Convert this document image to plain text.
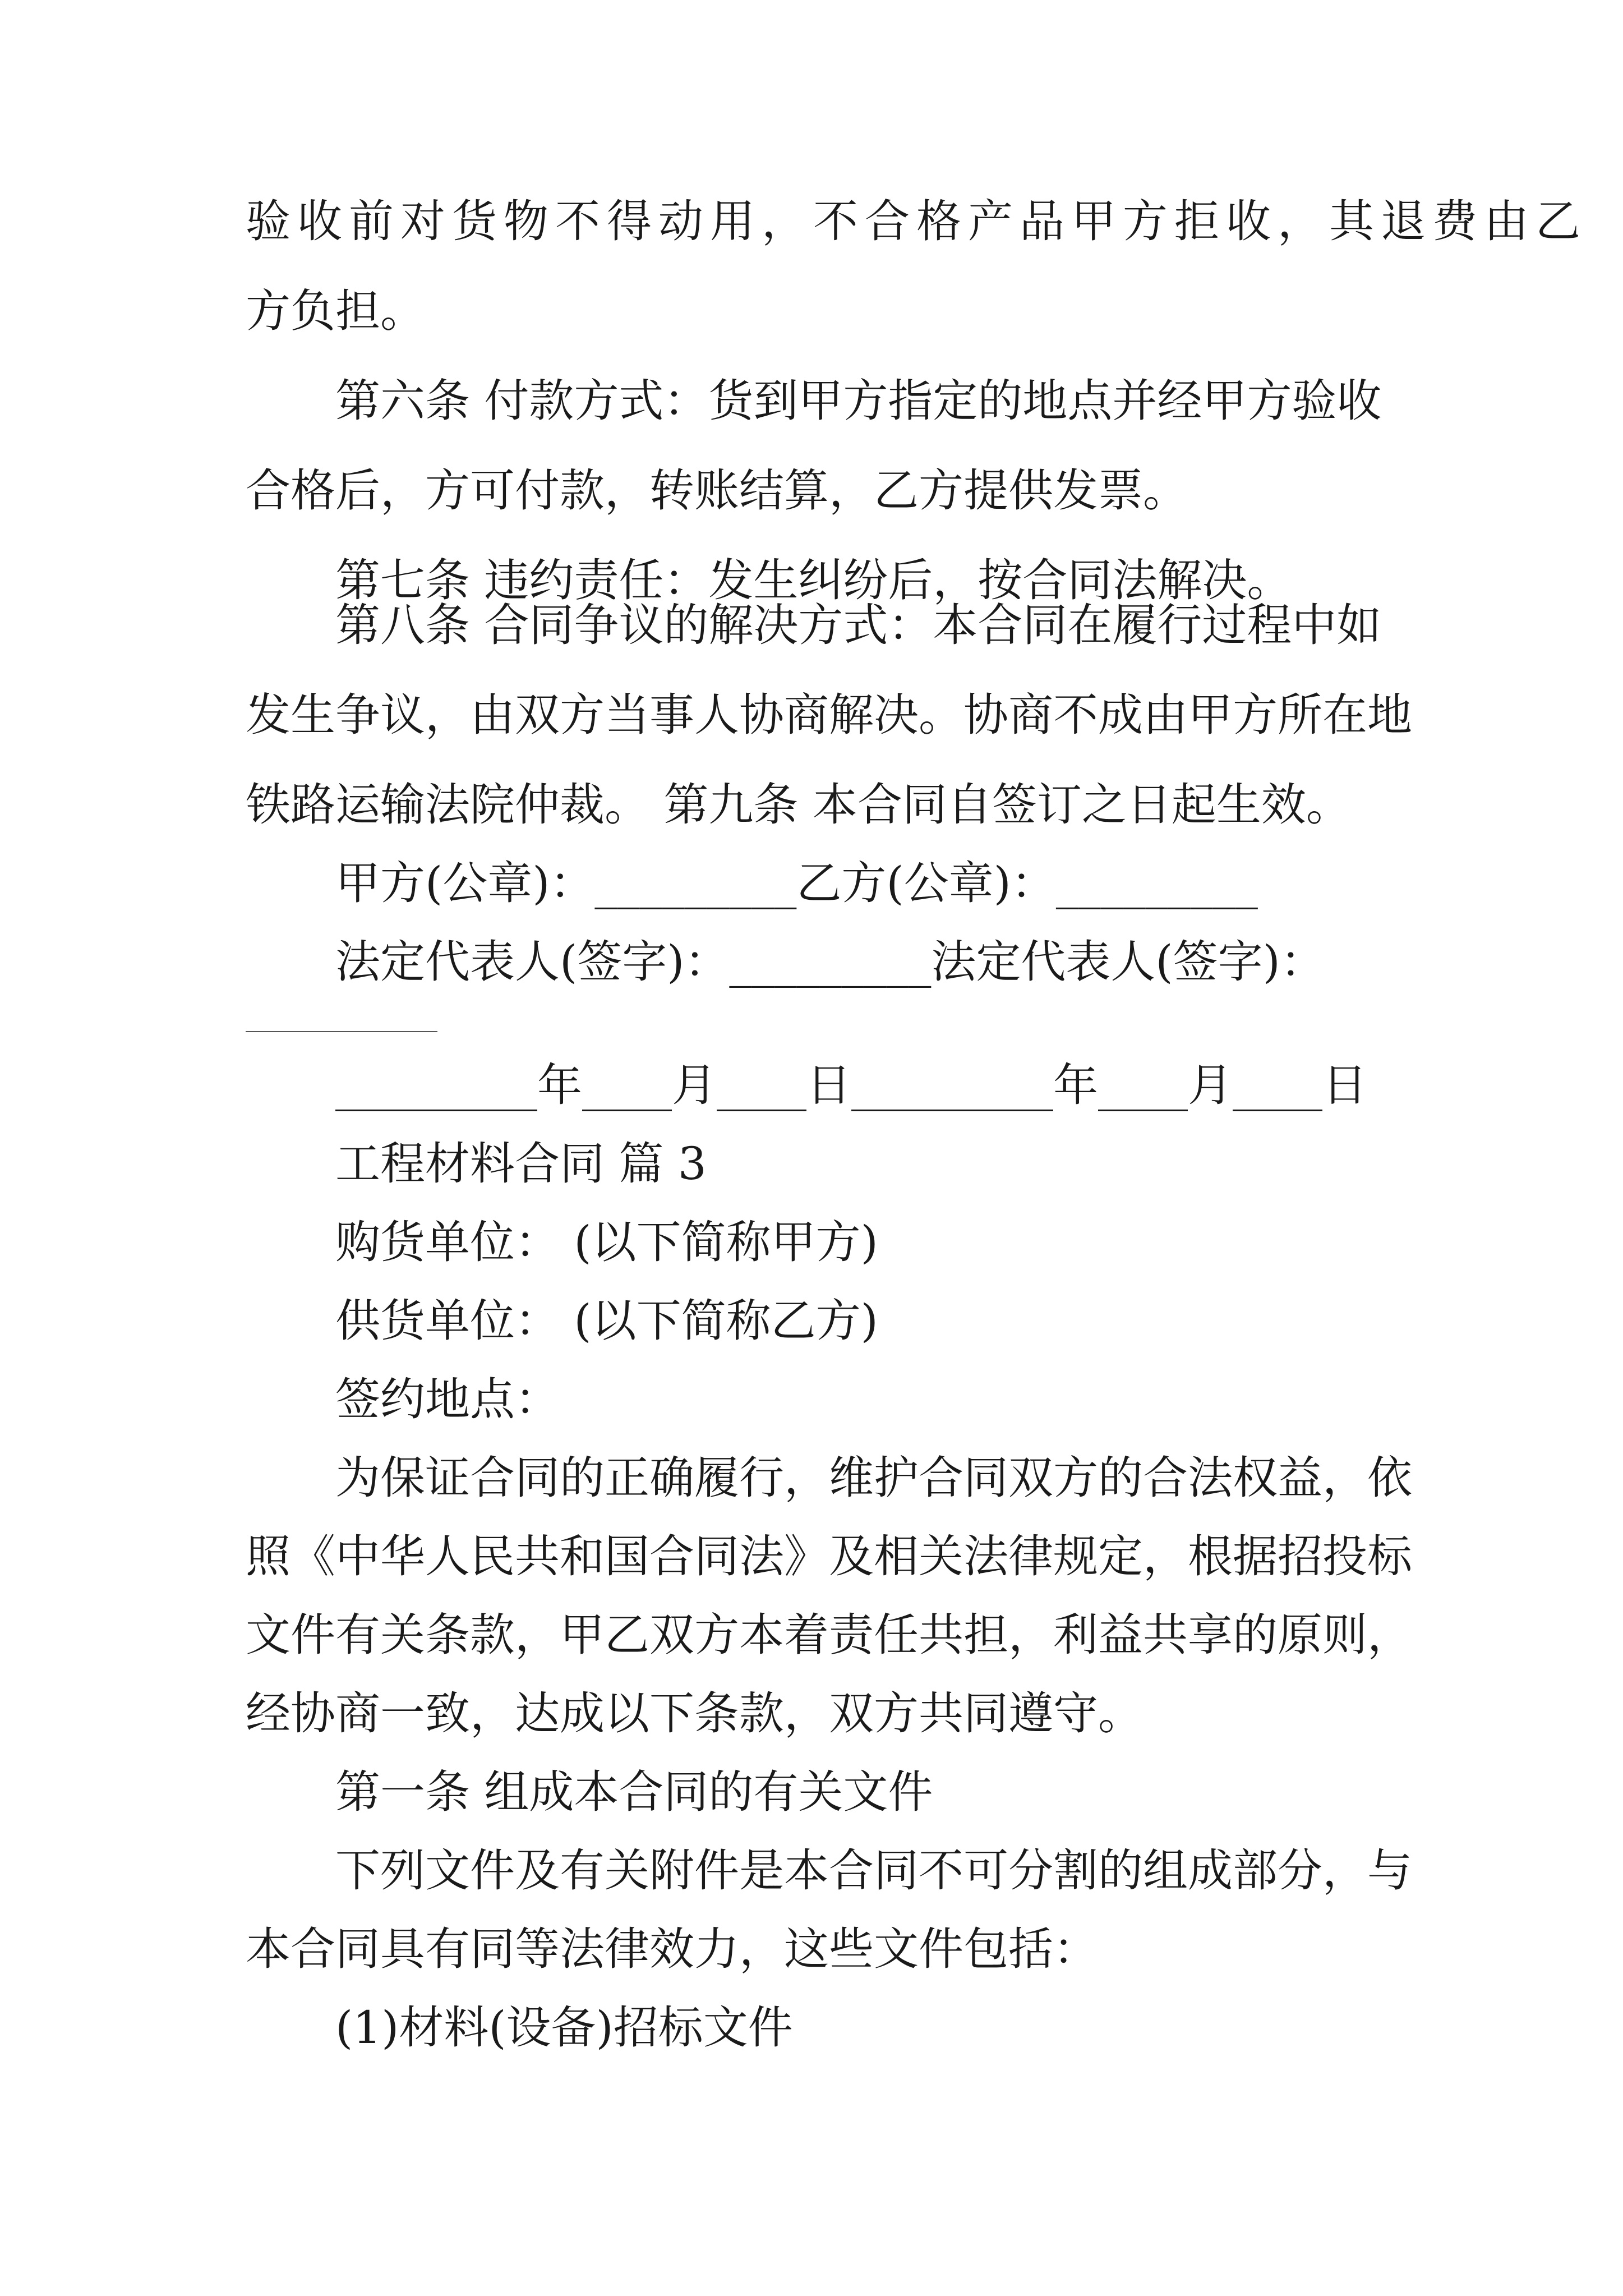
验收前对货物不得动用，不合格产品甲方拒收，其退费由乙
方负担。
第六条 付款方式：货到甲方指定的地点并经甲方验收
合格后，方可付款，转账结算，乙方提供发票。
第七条 违约责任：发生纠纷后，按合同法解决。
第八条 合同争议的解决方式：本合同在履行过程中如
发生争议，由双方当事人协商解决。协商不成由甲方所在地
铁路运输法院仲裁。 第九条 本合同自签订之日起生效。
甲方(公章)：_________乙方(公章)：_________
法定代表人(签字)：_________法定代表人(签字)：
_________年____月____日_________年____月____日
工程材料合同 篇 3
购货单位： (以下简称甲方)
供货单位： (以下简称乙方)
签约地点：
为保证合同的正确履行，维护合同双方的合法权益，依
照《中华人民共和国合同法》及相关法律规定，根据招投标
文件有关条款，甲乙双方本着责任共担，利益共享的原则，
经协商一致，达成以下条款，双方共同遵守。
第一条 组成本合同的有关文件
下列文件及有关附件是本合同不可分割的组成部分，与
本合同具有同等法律效力，这些文件包括：
(1)材料(设备)招标文件
